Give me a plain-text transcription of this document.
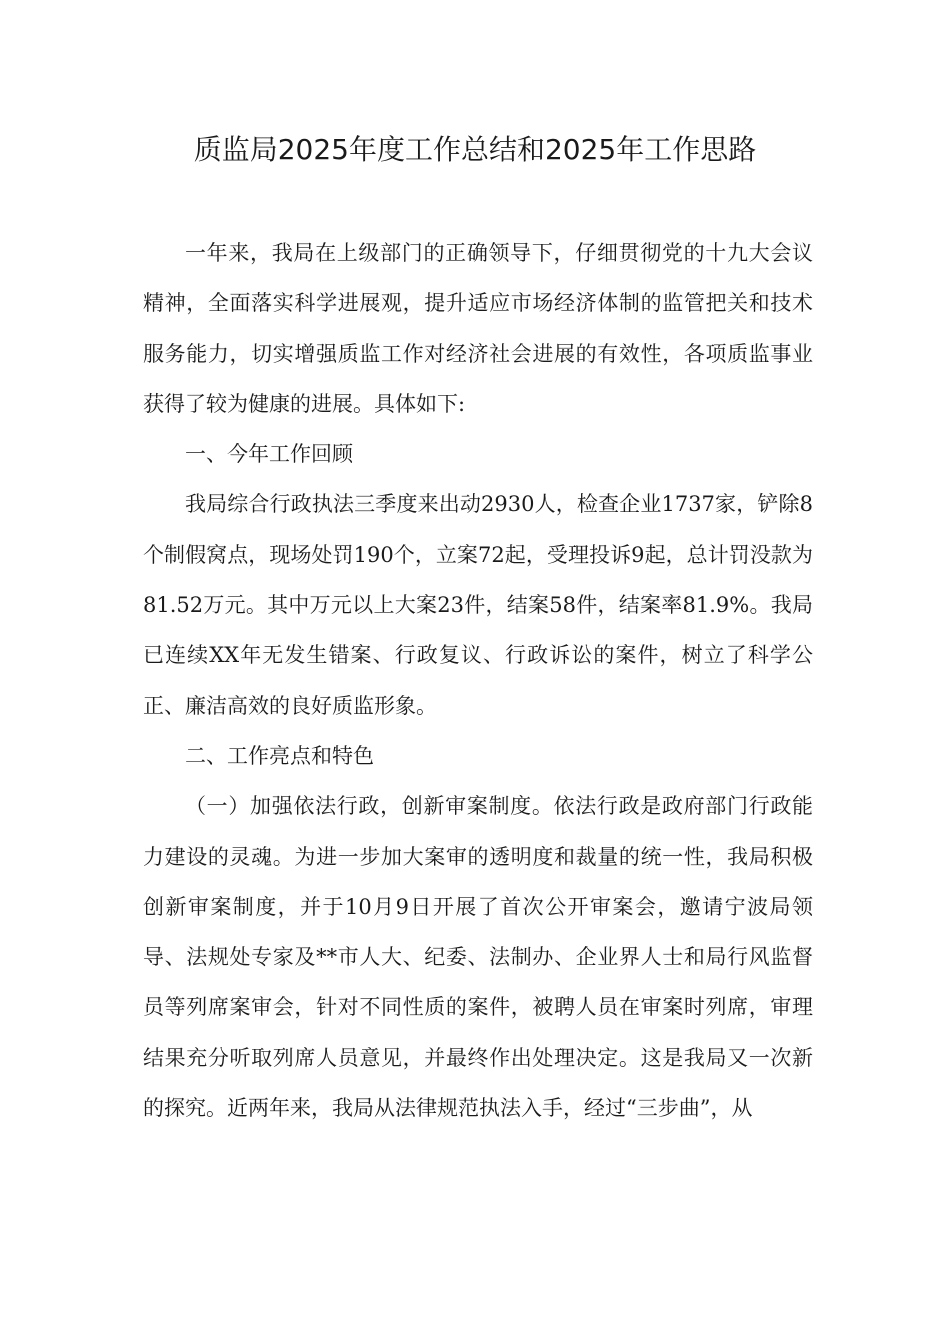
质监局2025年度工作总结和2025年工作思路

一年来，我局在上级部门的正确领导下，仔细贯彻党的十九大会议精神，全面落实科学进展观，提升适应市场经济体制的监管把关和技术服务能力，切实增强质监工作对经济社会进展的有效性，各项质监事业获得了较为健康的进展。具体如下:

一、今年工作回顾

我局综合行政执法三季度来出动2930人，检查企业1737家，铲除8个制假窝点，现场处罚190个，立案72起，受理投诉9起，总计罚没款为81.52万元。其中万元以上大案23件，结案58件，结案率81.9%。我局已连续XX年无发生错案、行政复议、行政诉讼的案件，树立了科学公正、廉洁高效的良好质监形象。

二、工作亮点和特色

（一）加强依法行政，创新审案制度。依法行政是政府部门行政能力建设的灵魂。为进一步加大案审的透明度和裁量的统一性，我局积极创新审案制度，并于10月9日开展了首次公开审案会，邀请宁波局领导、法规处专家及**市人大、纪委、法制办、企业界人士和局行风监督员等列席案审会，针对不同性质的案件，被聘人员在审案时列席，审理结果充分听取列席人员意见，并最终作出处理决定。这是我局又一次新的探究。近两年来，我局从法律规范执法入手，经过“三步曲”，从
